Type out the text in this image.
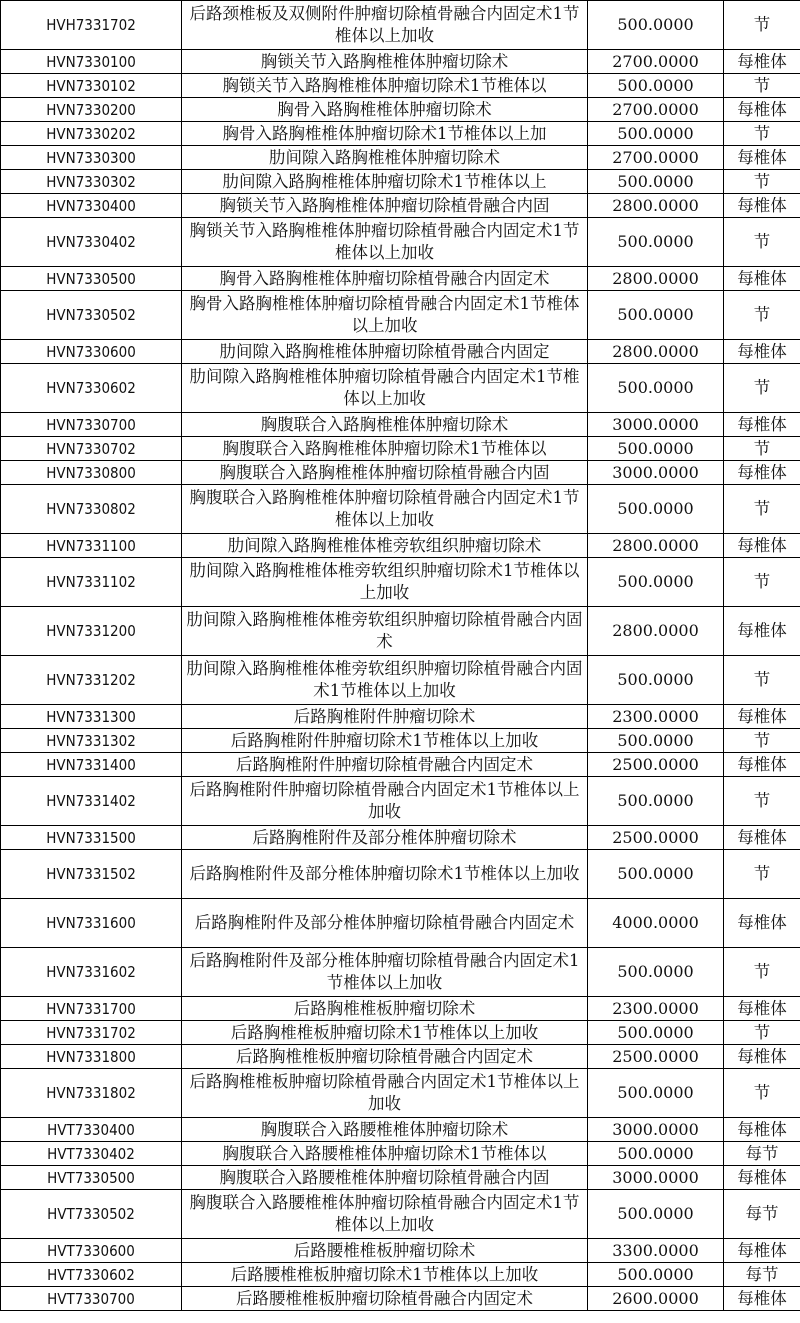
HVH7331702	后路颈椎板及双侧附件肿瘤切除植骨融合内固定术1节椎体以上加收	500.0000	节
HVN7330100	胸锁关节入路胸椎椎体肿瘤切除术	2700.0000	每椎体
HVN7330102	胸锁关节入路胸椎椎体肿瘤切除术1节椎体以	500.0000	节
HVN7330200	胸骨入路胸椎椎体肿瘤切除术	2700.0000	每椎体
HVN7330202	胸骨入路胸椎椎体肿瘤切除术1节椎体以上加	500.0000	节
HVN7330300	肋间隙入路胸椎椎体肿瘤切除术	2700.0000	每椎体
HVN7330302	肋间隙入路胸椎椎体肿瘤切除术1节椎体以上	500.0000	节
HVN7330400	胸锁关节入路胸椎椎体肿瘤切除植骨融合内固	2800.0000	每椎体
HVN7330402	胸锁关节入路胸椎椎体肿瘤切除植骨融合内固定术1节椎体以上加收	500.0000	节
HVN7330500	胸骨入路胸椎椎体肿瘤切除植骨融合内固定术	2800.0000	每椎体
HVN7330502	胸骨入路胸椎椎体肿瘤切除植骨融合内固定术1节椎体以上加收	500.0000	节
HVN7330600	肋间隙入路胸椎椎体肿瘤切除植骨融合内固定	2800.0000	每椎体
HVN7330602	肋间隙入路胸椎椎体肿瘤切除植骨融合内固定术1节椎体以上加收	500.0000	节
HVN7330700	胸腹联合入路胸椎椎体肿瘤切除术	3000.0000	每椎体
HVN7330702	胸腹联合入路胸椎椎体肿瘤切除术1节椎体以	500.0000	节
HVN7330800	胸腹联合入路胸椎椎体肿瘤切除植骨融合内固	3000.0000	每椎体
HVN7330802	胸腹联合入路胸椎椎体肿瘤切除植骨融合内固定术1节椎体以上加收	500.0000	节
HVN7331100	肋间隙入路胸椎椎体椎旁软组织肿瘤切除术	2800.0000	每椎体
HVN7331102	肋间隙入路胸椎椎体椎旁软组织肿瘤切除术1节椎体以上加收	500.0000	节
HVN7331200	肋间隙入路胸椎椎体椎旁软组织肿瘤切除植骨融合内固术	2800.0000	每椎体
HVN7331202	肋间隙入路胸椎椎体椎旁软组织肿瘤切除植骨融合内固术1节椎体以上加收	500.0000	节
HVN7331300	后路胸椎附件肿瘤切除术	2300.0000	每椎体
HVN7331302	后路胸椎附件肿瘤切除术1节椎体以上加收	500.0000	节
HVN7331400	后路胸椎附件肿瘤切除植骨融合内固定术	2500.0000	每椎体
HVN7331402	后路胸椎附件肿瘤切除植骨融合内固定术1节椎体以上加收	500.0000	节
HVN7331500	后路胸椎附件及部分椎体肿瘤切除术	2500.0000	每椎体
HVN7331502	后路胸椎附件及部分椎体肿瘤切除术1节椎体以上加收	500.0000	节
HVN7331600	后路胸椎附件及部分椎体肿瘤切除植骨融合内固定术	4000.0000	每椎体
HVN7331602	后路胸椎附件及部分椎体肿瘤切除植骨融合内固定术1节椎体以上加收	500.0000	节
HVN7331700	后路胸椎椎板肿瘤切除术	2300.0000	每椎体
HVN7331702	后路胸椎椎板肿瘤切除术1节椎体以上加收	500.0000	节
HVN7331800	后路胸椎椎板肿瘤切除植骨融合内固定术	2500.0000	每椎体
HVN7331802	后路胸椎椎板肿瘤切除植骨融合内固定术1节椎体以上加收	500.0000	节
HVT7330400	胸腹联合入路腰椎椎体肿瘤切除术	3000.0000	每椎体
HVT7330402	胸腹联合入路腰椎椎体肿瘤切除术1节椎体以	500.0000	每节
HVT7330500	胸腹联合入路腰椎椎体肿瘤切除植骨融合内固	3000.0000	每椎体
HVT7330502	胸腹联合入路腰椎椎体肿瘤切除植骨融合内固定术1节椎体以上加收	500.0000	每节
HVT7330600	后路腰椎椎板肿瘤切除术	3300.0000	每椎体
HVT7330602	后路腰椎椎板肿瘤切除术1节椎体以上加收	500.0000	每节
HVT7330700	后路腰椎椎板肿瘤切除植骨融合内固定术	2600.0000	每椎体
